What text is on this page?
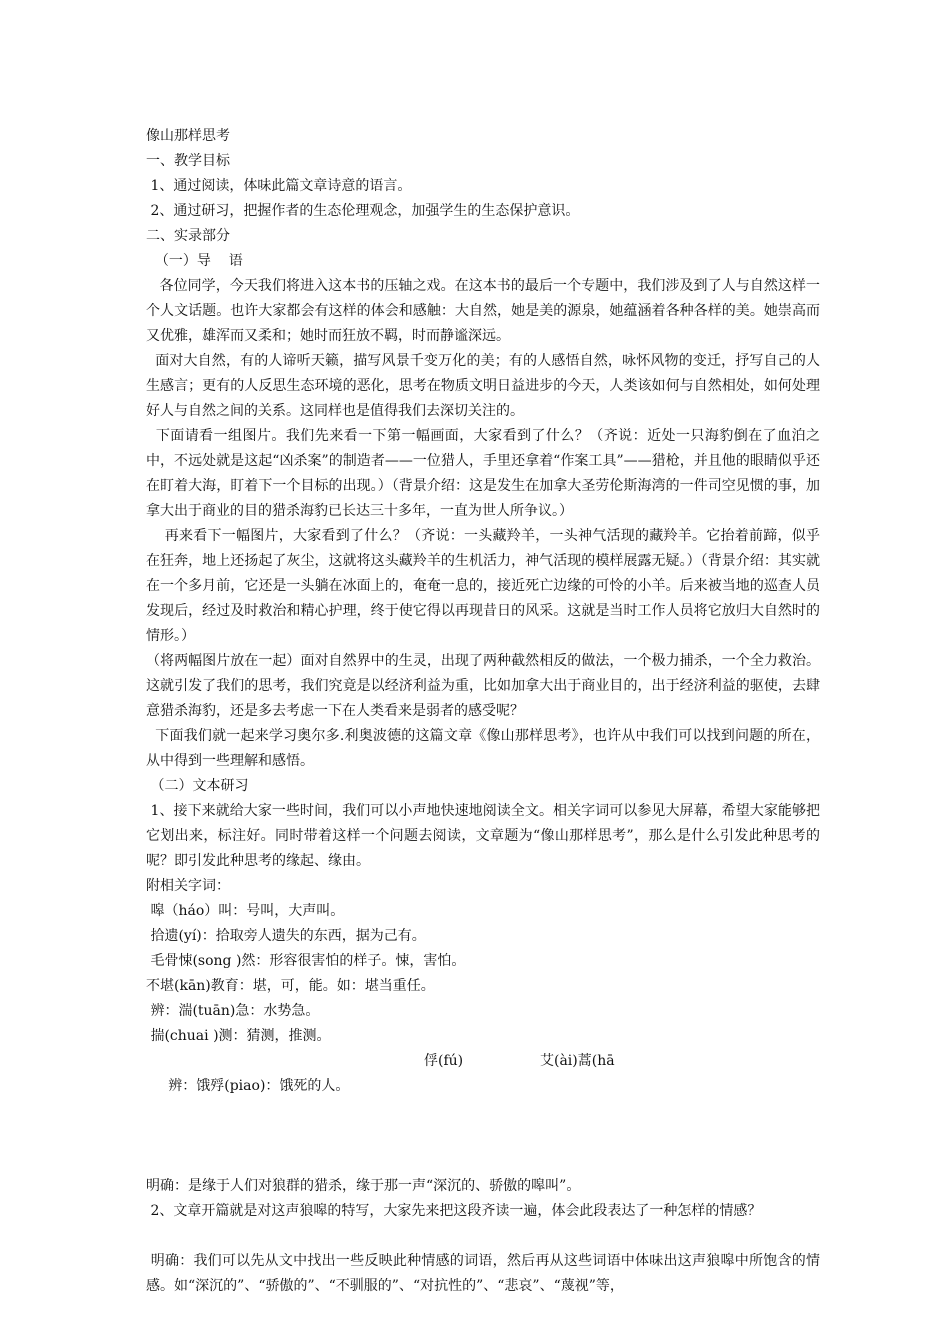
像山那样思考

一、教学目标

1、通过阅读，体味此篇文章诗意的语言。

2、通过研习，把握作者的生态伦理观念，加强学生的生态保护意识。

二、实录部分

（一）导    语

各位同学，今天我们将进入这本书的压轴之戏。在这本书的最后一个专题中，我们涉及到了人与自然这样一个人文话题。也许大家都会有这样的体会和感触：大自然，她是美的源泉，她蕴涵着各种各样的美。她崇高而又优雅，雄浑而又柔和；她时而狂放不羁，时而静谧深远。

面对大自然，有的人谛听天籁，描写风景千变万化的美；有的人感悟自然，咏怀风物的变迁，抒写自己的人生感言；更有的人反思生态环境的恶化，思考在物质文明日益进步的今天，人类该如何与自然相处，如何处理好人与自然之间的关系。这同样也是值得我们去深切关注的。

下面请看一组图片。我们先来看一下第一幅画面，大家看到了什么？（齐说：近处一只海豹倒在了血泊之中，不远处就是这起“凶杀案”的制造者——一位猎人，手里还拿着“作案工具”——猎枪，并且他的眼睛似乎还在盯着大海，盯着下一个目标的出现。）（背景介绍：这是发生在加拿大圣劳伦斯海湾的一件司空见惯的事，加拿大出于商业的目的猎杀海豹已长达三十多年，一直为世人所争议。）

再来看下一幅图片，大家看到了什么？（齐说：一头藏羚羊，一头神气活现的藏羚羊。它抬着前蹄，似乎在狂奔，地上还扬起了灰尘，这就将这头藏羚羊的生机活力，神气活现的模样展露无疑。）（背景介绍：其实就在一个多月前，它还是一头躺在冰面上的，奄奄一息的，接近死亡边缘的可怜的小羊。后来被当地的巡查人员发现后，经过及时救治和精心护理，终于使它得以再现昔日的风采。这就是当时工作人员将它放归大自然时的情形。）

（将两幅图片放在一起）面对自然界中的生灵，出现了两种截然相反的做法，一个极力捕杀，一个全力救治。这就引发了我们的思考，我们究竟是以经济利益为重，比如加拿大出于商业目的，出于经济利益的驱使，去肆意猎杀海豹，还是多去考虑一下在人类看来是弱者的感受呢？

下面我们就一起来学习奥尔多.利奥波德的这篇文章《像山那样思考》，也许从中我们可以找到问题的所在，从中得到一些理解和感悟。

（二）文本研习

1、接下来就给大家一些时间，我们可以小声地快速地阅读全文。相关字词可以参见大屏幕，希望大家能够把它划出来，标注好。同时带着这样一个问题去阅读，文章题为“像山那样思考”，那么是什么引发此种思考的呢？即引发此种思考的缘起、缘由。

附相关字词：

嗥（háo）叫：号叫，大声叫。

拾遗(yí)：拾取旁人遗失的东西，据为己有。

毛骨悚(song )然：形容很害怕的样子。悚，害怕。

不堪(kān)教育：堪，可，能。如：堪当重任。

辨：湍(tuān)急：水势急。

揣(chuai )测：猜测，推测。

辨：饿殍(piao)：饿死的人。

俘(fú)

	艾(ài)蒿(hā

明确：是缘于人们对狼群的猎杀，缘于那一声“深沉的、骄傲的嗥叫”。

2、文章开篇就是对这声狼嗥的特写，大家先来把这段齐读一遍，体会此段表达了一种怎样的情感？

明确：我们可以先从文中找出一些反映此种情感的词语，然后再从这些词语中体味出这声狼嗥中所饱含的情感。如“深沉的”、“骄傲的”、“不驯服的”、“对抗性的”、“悲哀”、“蔑视”等，
